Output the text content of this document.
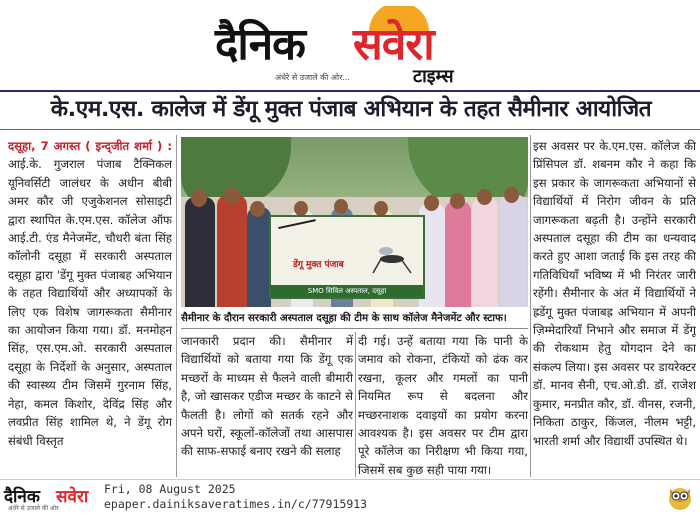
दैनिक सवेरा
अंधेरे से उजाले की ओर...	टाइम्स
के.एम.एस. कालेज में डेंगू मुक्त पंजाब अभियान के तहत सैमीनार आयोजित
दसूहा, 7 अगस्त ( इन्द्जीत शर्मा ) : आई.के. गुजराल पंजाब टैक्निकल यूनिवर्सिटी जालंधर के अधीन बीबी अमर कौर जी एजुकेशनल सोसाइटी द्वारा स्थापित के.एम.एस. कॉलेज ऑफ आई.टी. एंड मैनेजमेंट, चौधरी बंता सिंह कॉलोनी दसूहा में सरकारी अस्पताल दसूहा द्वारा 'डेंगू मुक्त पंजाबह अभियान के तहत विद्यार्थियों और अध्यापकों के लिए एक विशेष जागरूकता सैमीनार का आयोजन किया गया। डॉ. मनमोहन सिंह, एस.एम.ओ. सरकारी अस्पताल दसूहा के निर्देशों के अनुसार, अस्पताल की स्वास्थ्य टीम जिसमें गुरनाम सिंह, नेहा, कमल किशोर, देविंद्र सिंह और लवप्रीत सिंह शामिल थे, ने डेंगू रोग संबंधी विस्तृत
डेंगू मुक्त पंजाब
SMO सिविल अस्पताल, दसूहा
सैमीनार के दौरान सरकारी अस्पताल दसूहा की टीम के साथ कॉलेज मैनेजमेंट और स्टाफ।
जानकारी प्रदान की। सैमीनार में विद्यार्थियों को बताया गया कि डेंगू एक मच्छरों के माध्यम से फैलने वाली बीमारी है, जो खासकर एडीज मच्छर के काटने से फैलती है। लोगों को सतर्क रहने और अपने घरों, स्कूलों-कॉलेजों तथा आसपास की साफ-सफाई बनाए रखने की सलाह
दी गई। उन्हें बताया गया कि पानी के जमाव को रोकना, टंकियों को ढंक कर रखना, कूलर और गमलों का पानी नियमित रूप से बदलना और मच्छरनाशक दवाइयों का प्रयोग करना आवश्यक है। इस अवसर पर टीम द्वारा पूरे कॉलेज का निरीक्षण भी किया गया, जिसमें सब कुछ सही पाया गया।
इस अवसर पर के.एम.एस. कॉलेज की प्रिंसिपल डॉ. शबनम कौर ने कहा कि इस प्रकार के जागरूकता अभियानों से विद्यार्थियों में निरोग जीवन के प्रति जागरूकता बढ़ती है। उन्होंने सरकारी अस्पताल दसूहा की टीम का धन्यवाद करते हुए आशा जताई कि इस तरह की गतिविधियाँ भविष्य में भी निरंतर जारी रहेंगी। सैमीनार के अंत में विद्यार्थियों ने ह्रडेंगू मुक्त पंजाबह्र अभियान में अपनी ज़िम्मेदारियाँ निभाने और समाज में डेंगू की रोकथाम हेतु योगदान देने का संकल्प लिया। इस अवसर पर डायरेक्टर डॉ. मानव सैनी, एच.ओ.डी. डॉ. राजेश कुमार, मनप्रीत कौर, डॉ. वीनस, रजनी, निकिता ठाकुर, किंजल, नीलम भट्टी, भारती शर्मा और विद्यार्थी उपस्थित थे।
दैनिक सवेरा
अंधेरे से उजाले की ओर
Fri, 08 August 2025
epaper.dainiksaveratimes.in/c/77915913
